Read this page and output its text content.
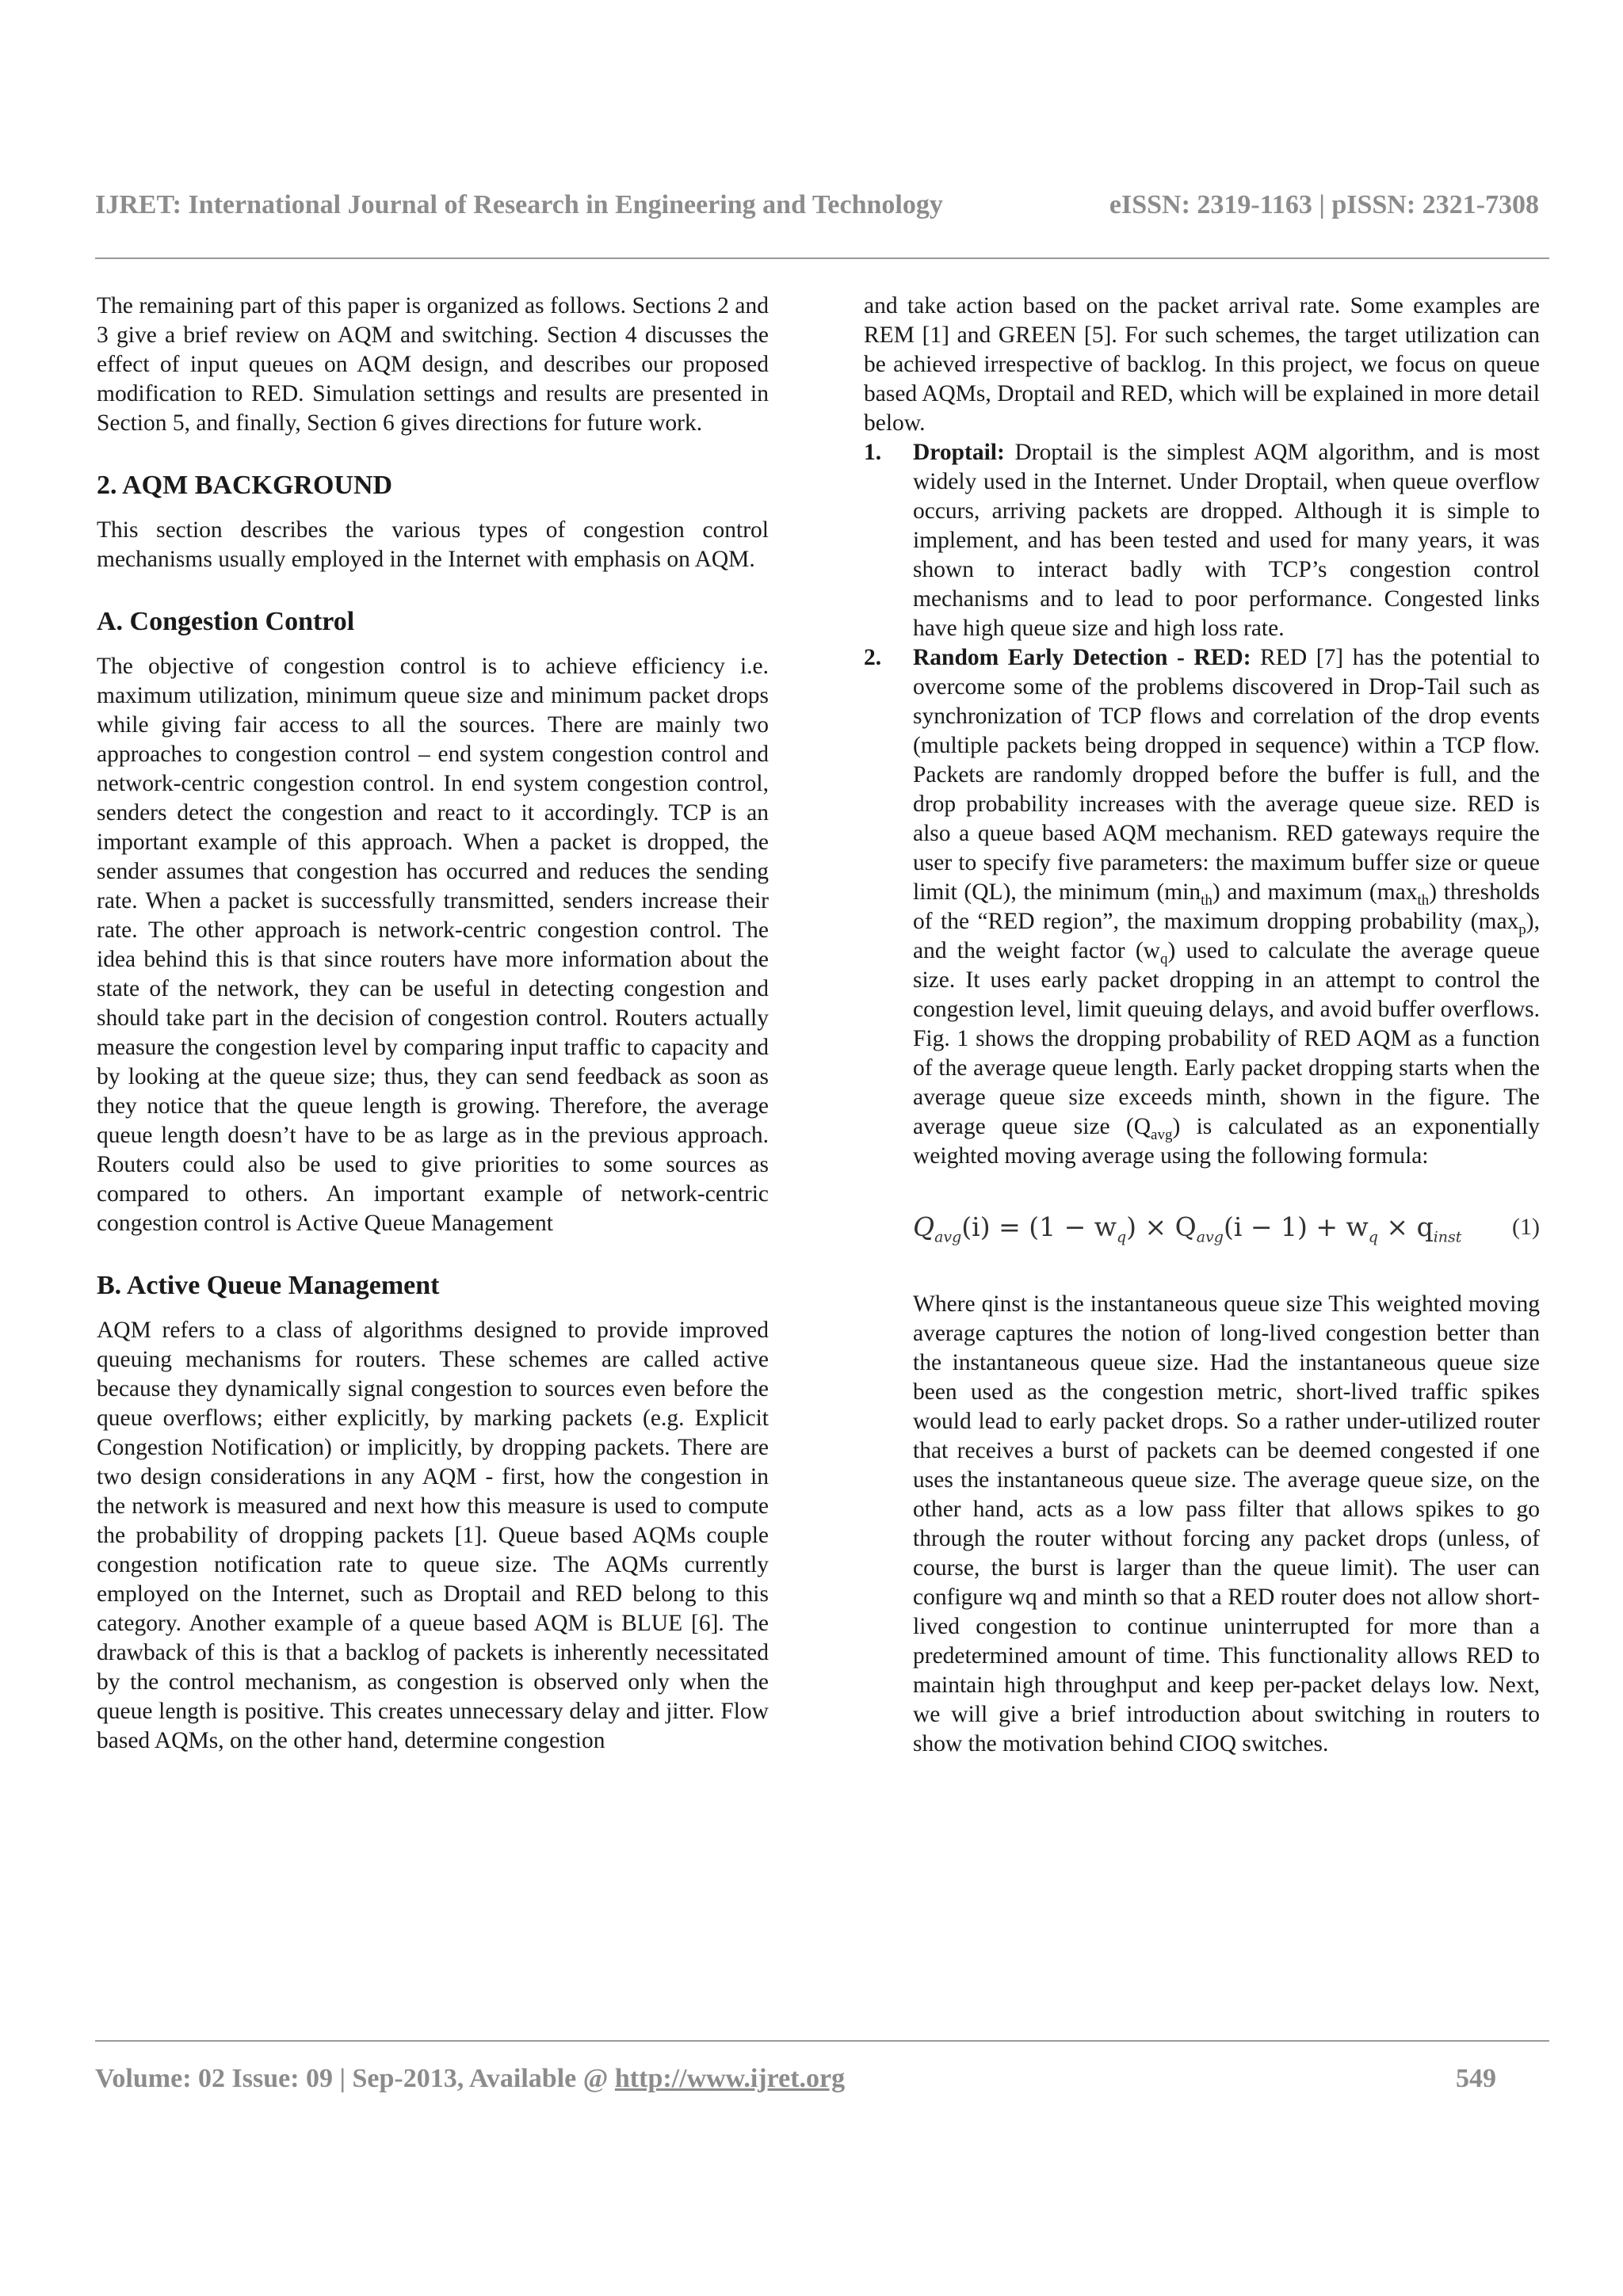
IJRET: International Journal of Research in Engineering and Technology	eISSN: 2319-1163 | pISSN: 2321-7308

The remaining part of this paper is organized as follows. Sections 2 and 3 give a brief review on AQM and switching. Section 4 discusses the effect of input queues on AQM design, and describes our proposed modification to RED. Simulation settings and results are presented in Section 5, and finally, Section 6 gives directions for future work.

2. AQM BACKGROUND

This section describes the various types of congestion control mechanisms usually employed in the Internet with emphasis on AQM.

A. Congestion Control

The objective of congestion control is to achieve efficiency i.e. maximum utilization, minimum queue size and minimum packet drops while giving fair access to all the sources. There are mainly two approaches to congestion control – end system congestion control and network-centric congestion control. In end system congestion control, senders detect the congestion and react to it accordingly. TCP is an important example of this approach. When a packet is dropped, the sender assumes that congestion has occurred and reduces the sending rate. When a packet is successfully transmitted, senders increase their rate. The other approach is network-centric congestion control. The idea behind this is that since routers have more information about the state of the network, they can be useful in detecting congestion and should take part in the decision of congestion control. Routers actually measure the congestion level by comparing input traffic to capacity and by looking at the queue size; thus, they can send feedback as soon as they notice that the queue length is growing. Therefore, the average queue length doesn’t have to be as large as in the previous approach. Routers could also be used to give priorities to some sources as compared to others. An important example of network-centric congestion control is Active Queue Management

B. Active Queue Management

AQM refers to a class of algorithms designed to provide improved queuing mechanisms for routers. These schemes are called active because they dynamically signal congestion to sources even before the queue overflows; either explicitly, by marking packets (e.g. Explicit Congestion Notification) or implicitly, by dropping packets. There are two design considerations in any AQM - first, how the congestion in the network is measured and next how this measure is used to compute the probability of dropping packets [1]. Queue based AQMs couple congestion notification rate to queue size. The AQMs currently employed on the Internet, such as Droptail and RED belong to this category. Another example of a queue based AQM is BLUE [6]. The drawback of this is that a backlog of packets is inherently necessitated by the control mechanism, as congestion is observed only when the queue length is positive. This creates unnecessary delay and jitter. Flow based AQMs, on the other hand, determine congestion

and take action based on the packet arrival rate. Some examples are REM [1] and GREEN [5]. For such schemes, the target utilization can be achieved irrespective of backlog. In this project, we focus on queue based AQMs, Droptail and RED, which will be explained in more detail below.

1. Droptail: Droptail is the simplest AQM algorithm, and is most widely used in the Internet. Under Droptail, when queue overflow occurs, arriving packets are dropped. Although it is simple to implement, and has been tested and used for many years, it was shown to interact badly with TCP’s congestion control mechanisms and to lead to poor performance. Congested links have high queue size and high loss rate.
2. Random Early Detection - RED: RED [7] has the potential to overcome some of the problems discovered in Drop-Tail such as synchronization of TCP flows and correlation of the drop events (multiple packets being dropped in sequence) within a TCP flow. Packets are randomly dropped before the buffer is full, and the drop probability increases with the average queue size. RED is also a queue based AQM mechanism. RED gateways require the user to specify five parameters: the maximum buffer size or queue limit (QL), the minimum $(\min_{th})$ and maximum $(\max_{th})$ thresholds of the “RED region”, the maximum dropping probability $(\max_p)$, and the weight factor $(w_q)$ used to calculate the average queue size. It uses early packet dropping in an attempt to control the congestion level, limit queuing delays, and avoid buffer overflows. Fig. 1 shows the dropping probability of RED AQM as a function of the average queue length. Early packet dropping starts when the average queue size exceeds minth, shown in the figure. The average queue size $(Q_{avg})$ is calculated as an exponentially weighted moving average using the following formula:
$Q_{avg}(i) = (1 - w_q) \times Q_{avg}(i - 1) + w_q \times q_{inst}$ (1)

Where qinst is the instantaneous queue size This weighted moving average captures the notion of long-lived congestion better than the instantaneous queue size. Had the instantaneous queue size been used as the congestion metric, short-lived traffic spikes would lead to early packet drops. So a rather under-utilized router that receives a burst of packets can be deemed congested if one uses the instantaneous queue size. The average queue size, on the other hand, acts as a low pass filter that allows spikes to go through the router without forcing any packet drops (unless, of course, the burst is larger than the queue limit). The user can configure wq and minth so that a RED router does not allow short-lived congestion to continue uninterrupted for more than a predetermined amount of time. This functionality allows RED to maintain high throughput and keep per-packet delays low. Next, we will give a brief introduction about switching in routers to show the motivation behind CIOQ switches.

Volume: 02 Issue: 09 | Sep-2013, Available @ http://www.ijret.org	549
